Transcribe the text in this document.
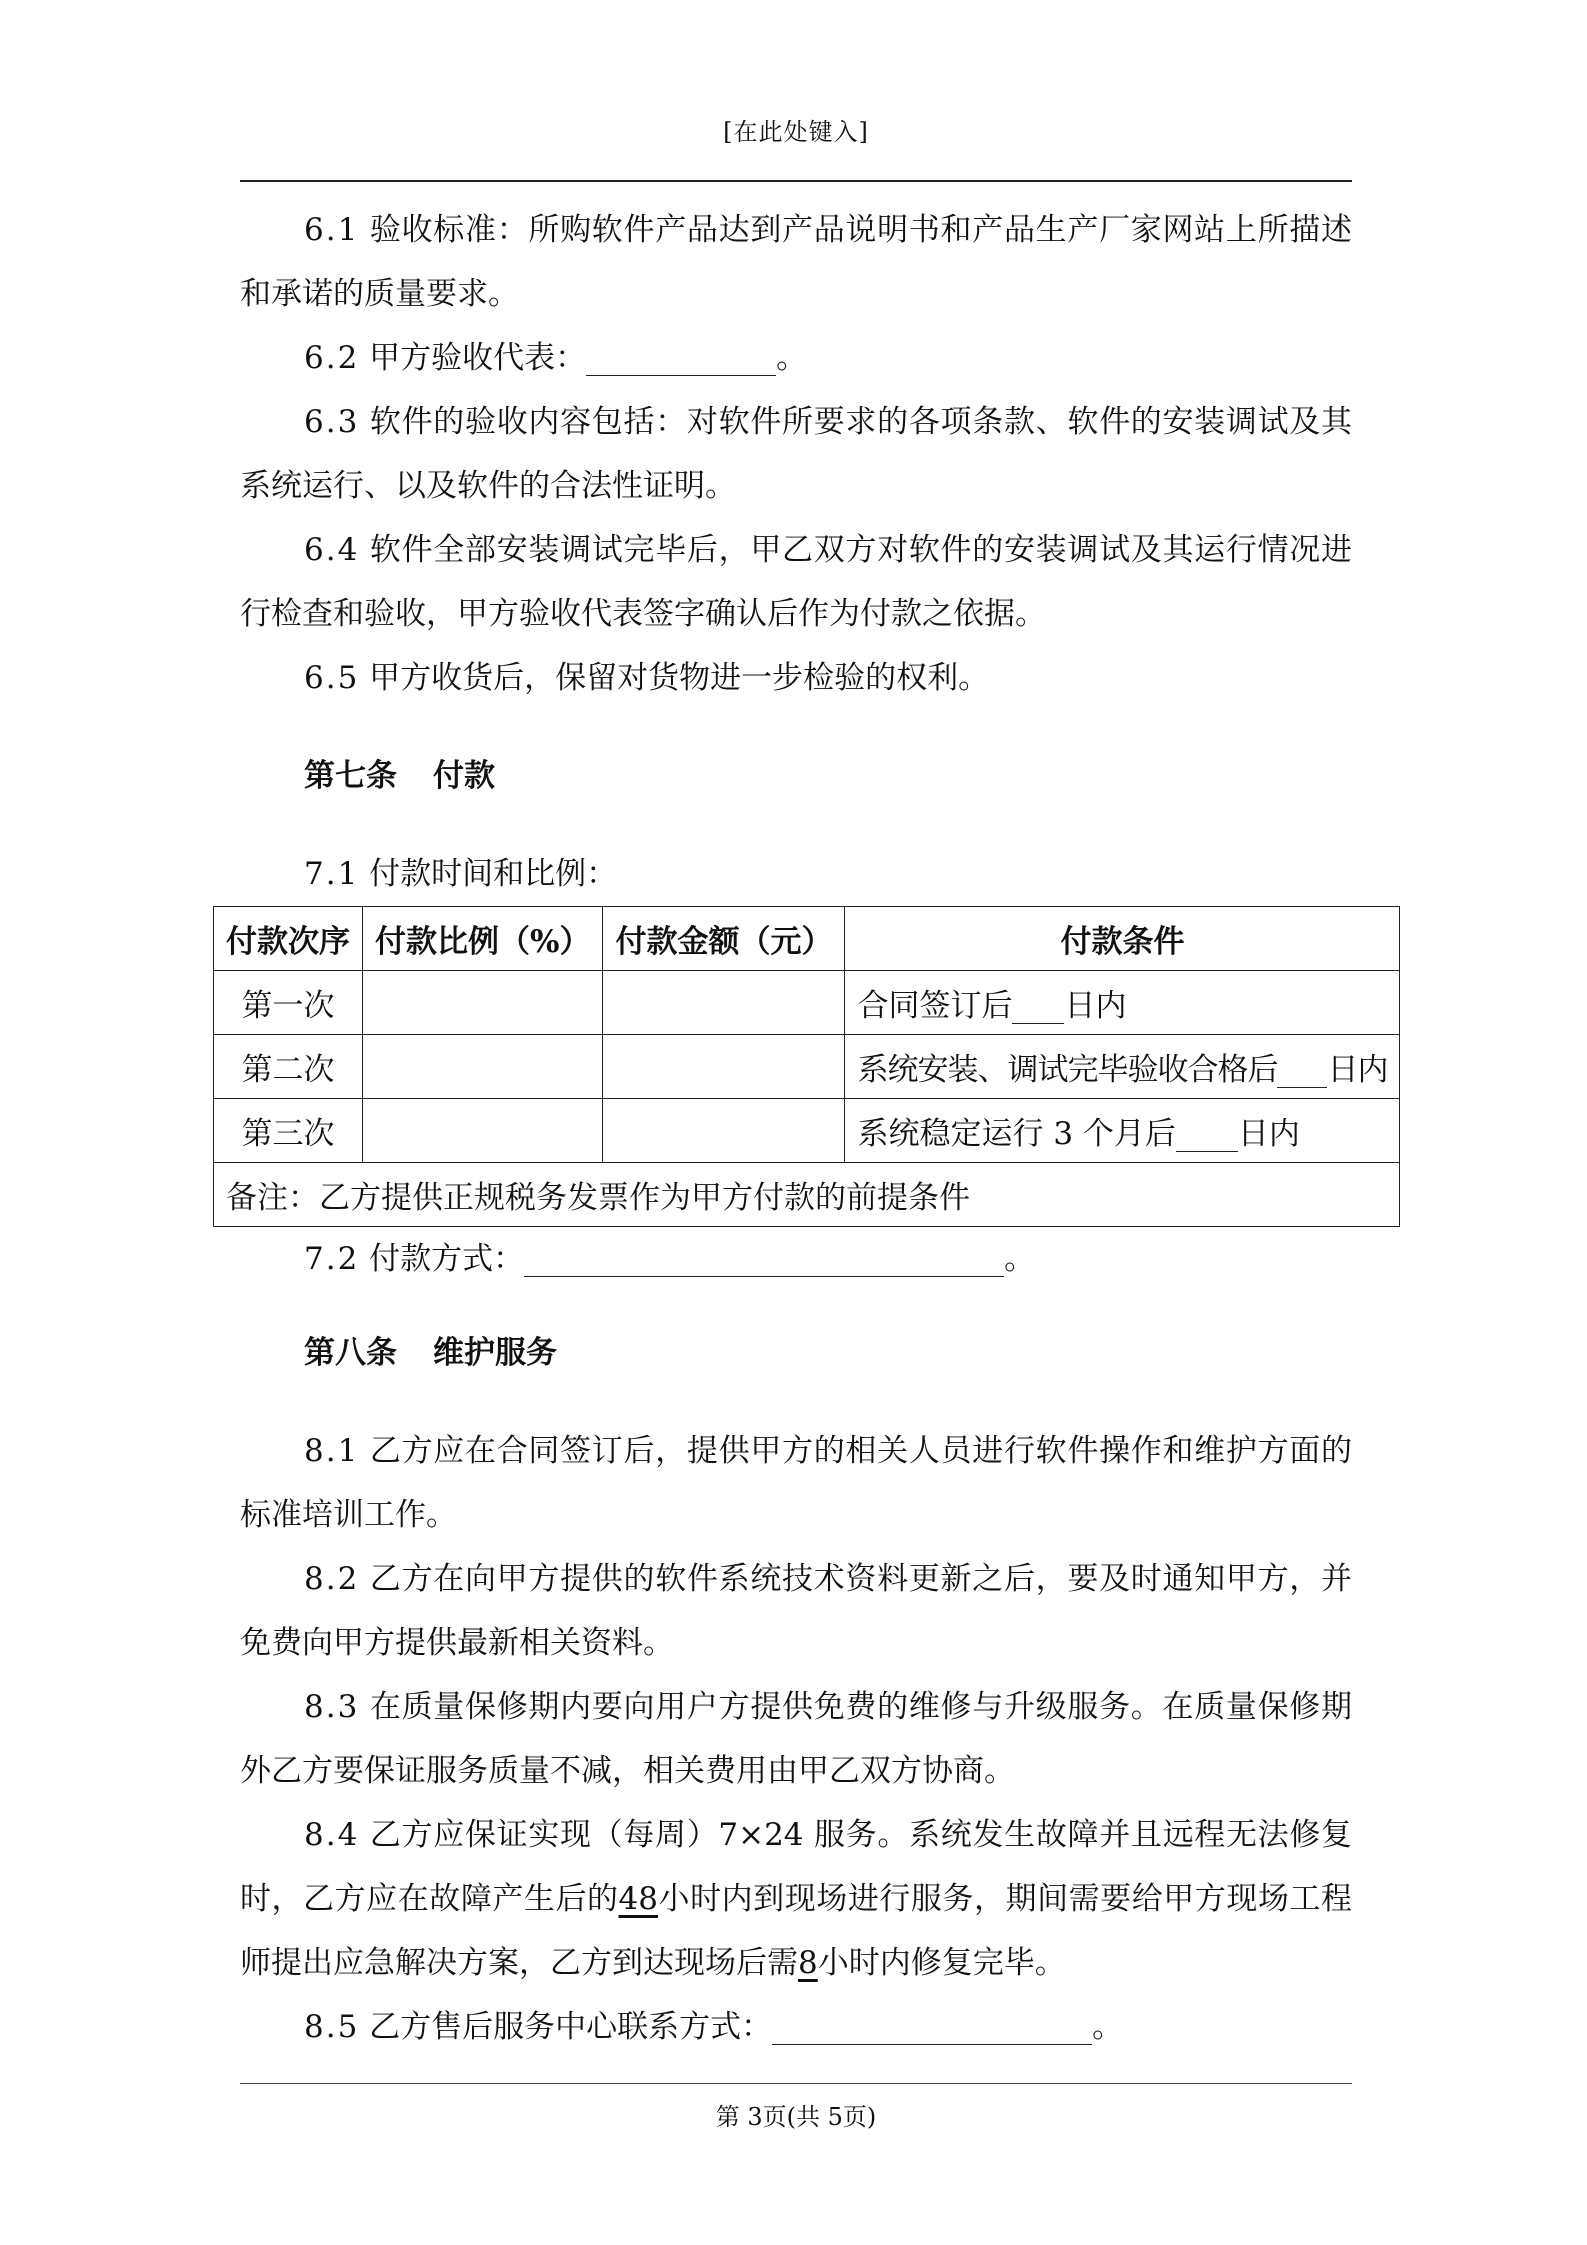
[在此处键入]

6.1 验收标准：所购软件产品达到产品说明书和产品生产厂家网站上所描述和承诺的质量要求。

6.2 甲方验收代表：	。

6.3 软件的验收内容包括：对软件所要求的各项条款、软件的安装调试及其系统运行、以及软件的合法性证明。

6.4 软件全部安装调试完毕后，甲乙双方对软件的安装调试及其运行情况进行检查和验收，甲方验收代表签字确认后作为付款之依据。

6.5 甲方收货后，保留对货物进一步检验的权利。

第七条 付款

7.1 付款时间和比例：

付款次序	付款比例（%）	付款金额（元）	付款条件
第一次			合同签订后 日内
第二次			系统安装、调试完毕验收合格后 日内
第三次			系统稳定运行 3 个月后 日内
备注：乙方提供正规税务发票作为甲方付款的前提条件			

7.2 付款方式：	。

第八条 维护服务

8.1 乙方应在合同签订后，提供甲方的相关人员进行软件操作和维护方面的标准培训工作。

8.2 乙方在向甲方提供的软件系统技术资料更新之后，要及时通知甲方，并免费向甲方提供最新相关资料。

8.3 在质量保修期内要向用户方提供免费的维修与升级服务。在质量保修期外乙方要保证服务质量不减，相关费用由甲乙双方协商。

8.4 乙方应保证实现（每周）7×24 服务。系统发生故障并且远程无法修复时，乙方应在故障产生后的48小时内到现场进行服务，期间需要给甲方现场工程师提出应急解决方案，乙方到达现场后需8小时内修复完毕。

8.5 乙方售后服务中心联系方式：	。

第 3页(共 5页)
